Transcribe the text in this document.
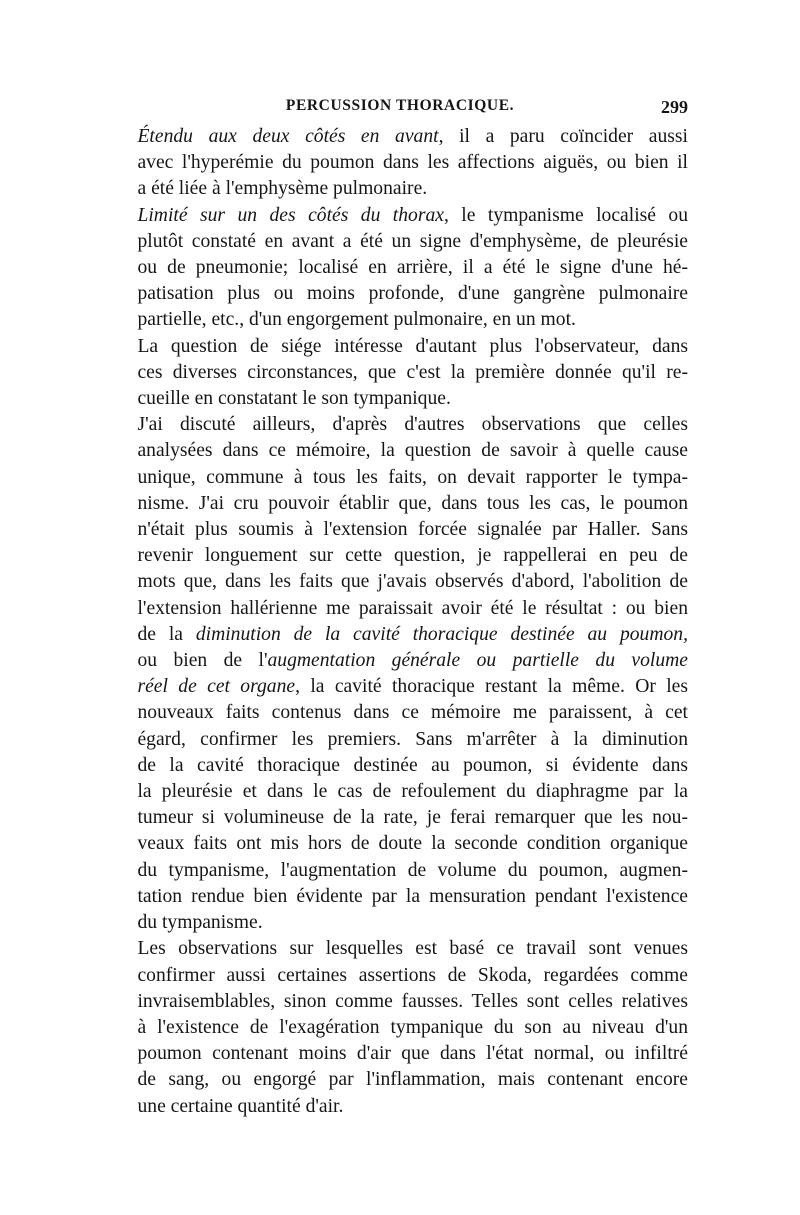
PERCUSSION THORACIQUE.	299
Étendu aux deux côtés en avant, il a paru coïncider aussi
avec l'hyperémie du poumon dans les affections aiguës, ou bien il
a été liée à l'emphysème pulmonaire.
Limité sur un des côtés du thorax, le tympanisme localisé ou
plutôt constaté en avant a été un signe d'emphysème, de pleurésie
ou de pneumonie; localisé en arrière, il a été le signe d'une hé-
patisation plus ou moins profonde, d'une gangrène pulmonaire
partielle, etc., d'un engorgement pulmonaire, en un mot.
La question de siége intéresse d'autant plus l'observateur, dans
ces diverses circonstances, que c'est la première donnée qu'il re-
cueille en constatant le son tympanique.
J'ai discuté ailleurs, d'après d'autres observations que celles
analysées dans ce mémoire, la question de savoir à quelle cause
unique, commune à tous les faits, on devait rapporter le tympa-
nisme. J'ai cru pouvoir établir que, dans tous les cas, le poumon
n'était plus soumis à l'extension forcée signalée par Haller. Sans
revenir longuement sur cette question, je rappellerai en peu de
mots que, dans les faits que j'avais observés d'abord, l'abolition de
l'extension hallérienne me paraissait avoir été le résultat : ou bien
de la diminution de la cavité thoracique destinée au poumon,
ou bien de l'augmentation générale ou partielle du volume
réel de cet organe, la cavité thoracique restant la même. Or les
nouveaux faits contenus dans ce mémoire me paraissent, à cet
égard, confirmer les premiers. Sans m'arrêter à la diminution
de la cavité thoracique destinée au poumon, si évidente dans
la pleurésie et dans le cas de refoulement du diaphragme par la
tumeur si volumineuse de la rate, je ferai remarquer que les nou-
veaux faits ont mis hors de doute la seconde condition organique
du tympanisme, l'augmentation de volume du poumon, augmen-
tation rendue bien évidente par la mensuration pendant l'existence
du tympanisme.
Les observations sur lesquelles est basé ce travail sont venues
confirmer aussi certaines assertions de Skoda, regardées comme
invraisemblables, sinon comme fausses. Telles sont celles relatives
à l'existence de l'exagération tympanique du son au niveau d'un
poumon contenant moins d'air que dans l'état normal, ou infiltré
de sang, ou engorgé par l'inflammation, mais contenant encore
une certaine quantité d'air.
